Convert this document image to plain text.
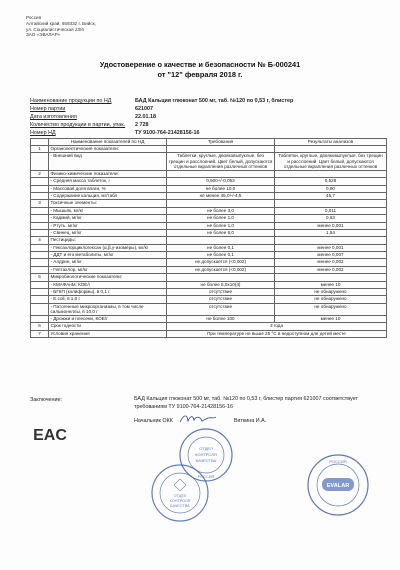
Россия
Алтайский край, 659332 г. Бийск,
ул. Социалистическая 23/6
ЗАО «ЭВАЛАР»
Удостоверение о качестве и безопасности № Б-000241
от "12" февраля 2018 г.
Наименование продукции по НД	БАД Кальция глюконат 500 мг, таб. №120 по 0,53 г, блистер
Номер партии	621007
Дата изготовления	22.01.18
Количество продукции в партии, упак.	2 728
Номер НД	ТУ 9100-764-21428156-16
	Наименование показателей по НД	Требования	Результаты анализов
1	Органолептические показатели:		
	- Внешний вид	Таблетки, круглые, двояковыпуклые, без трещин и расслоений. Цвет белый, допускаются отдельные вкрапления различных оттенков	Таблетки, круглые, двояковыпуклые, без трещин и расслоений. Цвет белый, допускаются отдельные вкрапления различных оттенков
2	Физико-химические показатели:		
	- Средняя масса таблеток, г	0,500+/-0,053	0,528
	- Массовая доля влаги, %	не более 10,0	0,90
	- Содержание кальция, мг/табл	не менее 45,0+/-4,5	45,7
3	Токсичные элементы:		
	- Мышьяк, мг/кг	не более 3,0	0,011
	- Кадмий, мг/кг	не более 1,0	0,63
	- Ртуть, мг/кг	не более 1,0	менее 0,001
	- Свинец, мг/кг	не более 6,0	1,54
4	Пестициды:		
	- Гексахлорциклогексан (α,β,γ-изомеры), мг/кг	не более 0,1	менее 0,001
	- ДДТ и его метаболиты, мг/кг	не более 0,1	менее 0,007
	- Алдрин, мг/кг	не допускается (<0,002)	менее 0,002
	- Гептахлор, мг/кг	не допускается (<0,002)	менее 0,002
5	Микробиологические показатели:		
	- КМАФАнМ, КОЕ/г	не более 5,0х10(4)	менее 10
	- БГКП (колиформы), в 0,1 г	отсутствие	не обнаружено
	- E.coli, в 1,0 г	отсутствие	не обнаружено
	- Патогенные микроорганизмы, в том числе сальмонеллы, в 10,0 г	отсутствие	не обнаружено
	- Дрожжи и плесени, КОЕ/г	не более 100	менее 10
6	Срок годности	3 года	
7	Условия хранения	При температуре не выше 25 °С в недоступном для детей месте	
Заключение:	БАД Кальция глюконат 500 мг, таб. №120 по 0,53 г, блистер партия 621007 соответствует требованиям ТУ 9100-764-21428156-16
Начальник ОКК	Вяткина И.А.
EAC
ОТДЕЛ
КОНТРОЛЯ
КАЧЕСТВА
РОССИЯ
РОССИЯ
EVALAR
ОТДЕЛ
КОНТРОЛЯ
КАЧЕСТВА
